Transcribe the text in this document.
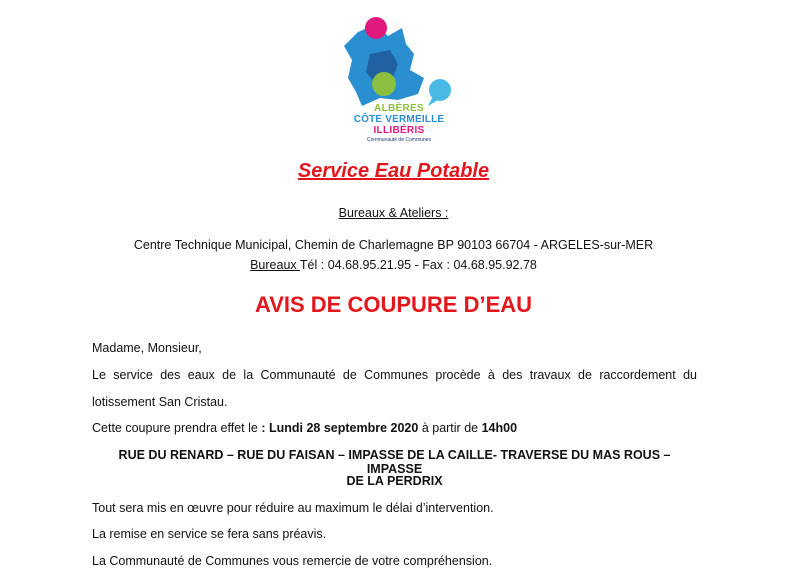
ALBÈRES
CÔTE VERMEILLE
ILLIBÉRIS
Communauté de Communes
Service Eau Potable
Bureaux & Ateliers :
Centre Technique Municipal, Chemin de Charlemagne BP 90103 66704 - ARGELES-sur-MER
Bureaux Tél : 04.68.95.21.95 - Fax : 04.68.95.92.78
AVIS DE COUPURE D’EAU
Madame, Monsieur,
Le service des eaux de la Communauté de Communes procède à des travaux de raccordement du
lotissement San Cristau.
Cette coupure prendra effet le : Lundi 28 septembre 2020 à partir de 14h00
RUE DU RENARD – RUE DU FAISAN – IMPASSE DE LA CAILLE- TRAVERSE DU MAS ROUS – IMPASSE
DE LA PERDRIX
Tout sera mis en œuvre pour réduire au maximum le délai d’intervention.
La remise en service se fera sans préavis.
La Communauté de Communes vous remercie de votre compréhension.
